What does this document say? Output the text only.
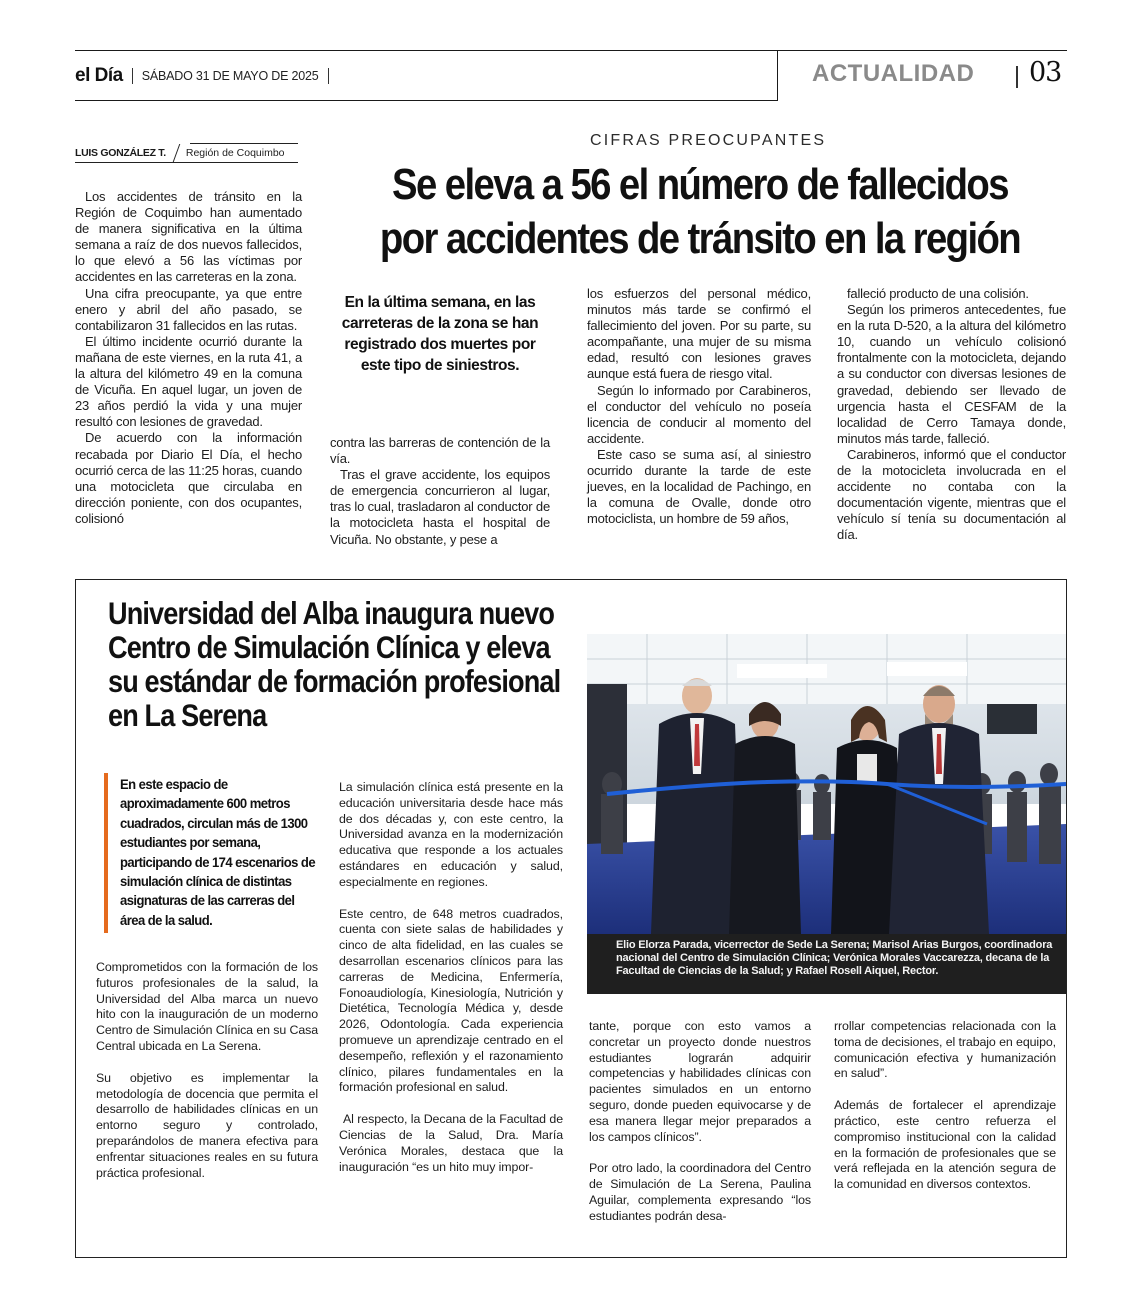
el Día SÁBADO 31 DE MAYO DE 2025	ACTUALIDAD 03
LUIS GONZÁLEZ T. Región de Coquimbo
CIFRAS PREOCUPANTES
Se eleva a 56 el número de fallecidos
por accidentes de tránsito en la región

Los accidentes de tránsito en la Región de Coquimbo han aumentado de manera significativa en la última semana a raíz de dos nuevos fallecidos, lo que elevó a 56 las víctimas por accidentes en las carreteras en la zona.

Una cifra preocupante, ya que entre enero y abril del año pasado, se contabilizaron 31 fallecidos en las rutas.

El último incidente ocurrió durante la mañana de este viernes, en la ruta 41, a la altura del kilómetro 49 en la comuna de Vicuña. En aquel lugar, un joven de 23 años perdió la vida y una mujer resultó con lesiones de gravedad.

De acuerdo con la información recabada por Diario El Día, el hecho ocurrió cerca de las 11:25 horas, cuando una motocicleta que circulaba en dirección poniente, con dos ocupantes, colisionó

En la última semana, en las carreteras de la zona se han registrado dos muertes por este tipo de siniestros.

contra las barreras de contención de la vía.

Tras el grave accidente, los equipos de emergencia concurrieron al lugar, tras lo cual, trasladaron al conductor de la motocicleta hasta el hospital de Vicuña. No obstante, y pese a

los esfuerzos del personal médico, minutos más tarde se confirmó el fallecimiento del joven. Por su parte, su acompañante, una mujer de su misma edad, resultó con lesiones graves aunque está fuera de riesgo vital.

Según lo informado por Carabineros, el conductor del vehículo no poseía licencia de conducir al momento del accidente.

Este caso se suma así, al siniestro ocurrido durante la tarde de este jueves, en la localidad de Pachingo, en la comuna de Ovalle, donde otro motociclista, un hombre de 59 años,

falleció producto de una colisión.

Según los primeros antecedentes, fue en la ruta D-520, a la altura del kilómetro 10, cuando un vehículo colisionó frontalmente con la motocicleta, dejando a su conductor con diversas lesiones de gravedad, debiendo ser llevado de urgencia hasta el CESFAM de la localidad de Cerro Tamaya donde, minutos más tarde, falleció.

Carabineros, informó que el conductor de la motocicleta involucrada en el accidente no contaba con la documentación vigente, mientras que el vehículo sí tenía su documentación al día.

Universidad del Alba inaugura nuevo
Centro de Simulación Clínica y eleva
su estándar de formación profesional
en La Serena
En este espacio de aproximadamente 600 metros cuadrados, circulan más de 1300 estudiantes por semana, participando de 174 escenarios de simulación clínica de distintas asignaturas de las carreras del área de la salud.

Comprometidos con la formación de los futuros profesionales de la salud, la Universidad del Alba marca un nuevo hito con la inauguración de un moderno Centro de Simulación Clínica en su Casa Central ubicada en La Serena.

Su objetivo es implementar la metodología de docencia que permita el desarrollo de habilidades clínicas en un entorno seguro y controlado, preparándolos de manera efectiva para enfrentar situaciones reales en su futura práctica profesional.

La simulación clínica está presente en la educación universitaria desde hace más de dos décadas y, con este centro, la Universidad avanza en la modernización educativa que responde a los actuales estándares en educación y salud, especialmente en regiones.

Este centro, de 648 metros cuadrados, cuenta con siete salas de habilidades y cinco de alta fidelidad, en las cuales se desarrollan escenarios clínicos para las carreras de Medicina, Enfermería, Fonoaudiología, Kinesiología, Nutrición y Dietética, Tecnología Médica y, desde 2026, Odontología. Cada experiencia promueve un aprendizaje centrado en el desempeño, reflexión y el razonamiento clínico, pilares fundamentales en la formación profesional en salud.

Al respecto, la Decana de la Facultad de Ciencias de la Salud, Dra. María Verónica Morales, destaca que la inauguración “es un hito muy impor-

tante, porque con esto vamos a concretar un proyecto donde nuestros estudiantes lograrán adquirir competencias y habilidades clínicas con pacientes simulados en un entorno seguro, donde pueden equivocarse y de esa manera llegar mejor preparados a los campos clínicos”.

Por otro lado, la coordinadora del Centro de Simulación de La Serena, Paulina Aguilar, complementa expresando “los estudiantes podrán desa-

rrollar competencias relacionada con la toma de decisiones, el trabajo en equipo, comunicación efectiva y humanización en salud”.

Además de fortalecer el aprendizaje práctico, este centro refuerza el compromiso institucional con la calidad en la formación de profesionales que se verá reflejada en la atención segura de la comunidad en diversos contextos.

Elio Elorza Parada, vicerrector de Sede La Serena; Marisol Arias Burgos, coordinadora nacional del Centro de Simulación Clínica; Verónica Morales Vaccarezza, decana de la Facultad de Ciencias de la Salud; y Rafael Rosell Aiquel, Rector.
